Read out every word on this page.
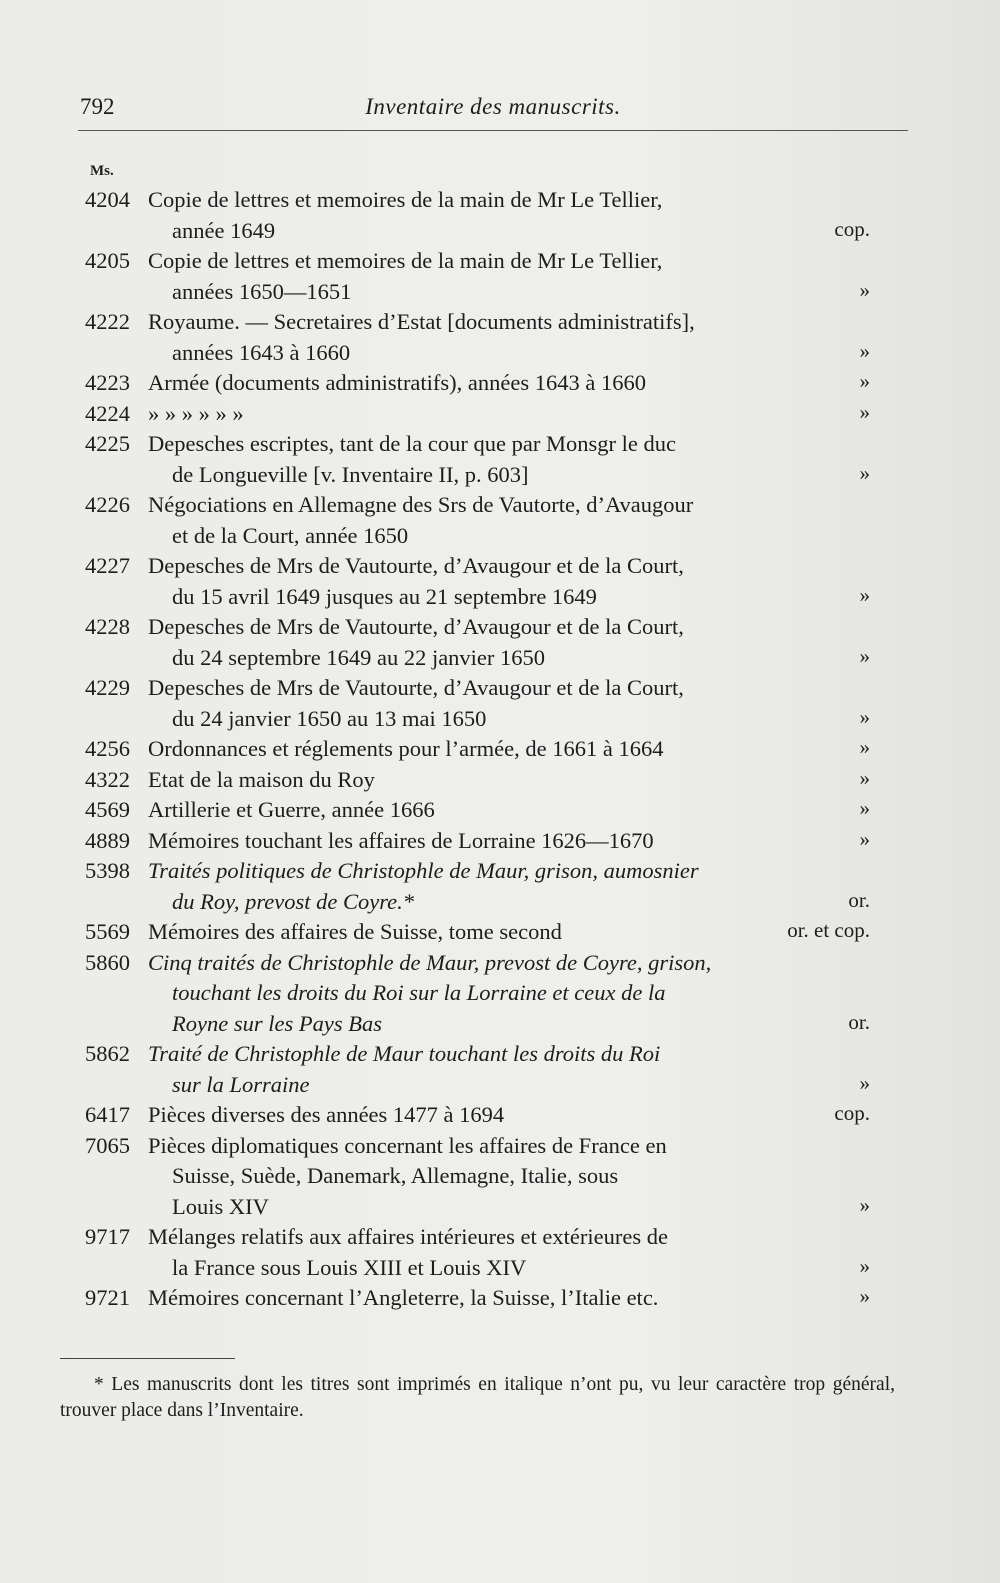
792	Inventaire des manuscrits.
Ms.
4204 Copie de lettres et memoires de la main de Mr Le Tellier,
année 1649	cop.
4205 Copie de lettres et memoires de la main de Mr Le Tellier,
années 1650—1651	»
4222 Royaume. — Secretaires d’Estat [documents administratifs],
années 1643 à 1660	»
4223 Armée (documents administratifs), années 1643 à 1660	»
4224 » » » » » »	»
4225 Depesches escriptes, tant de la cour que par Monsgr le duc
de Longueville [v. Inventaire II, p. 603]	»
4226 Négociations en Allemagne des Srs de Vautorte, d’Avaugour
et de la Court, année 1650
4227 Depesches de Mrs de Vautourte, d’Avaugour et de la Court,
du 15 avril 1649 jusques au 21 septembre 1649	»
4228 Depesches de Mrs de Vautourte, d’Avaugour et de la Court,
du 24 septembre 1649 au 22 janvier 1650	»
4229 Depesches de Mrs de Vautourte, d’Avaugour et de la Court,
du 24 janvier 1650 au 13 mai 1650	»
4256 Ordonnances et réglements pour l’armée, de 1661 à 1664	»
4322 Etat de la maison du Roy	»
4569 Artillerie et Guerre, année 1666	»
4889 Mémoires touchant les affaires de Lorraine 1626—1670	»
5398 Traités politiques de Christophle de Maur, grison, aumosnier
du Roy, prevost de Coyre.*	or.
5569 Mémoires des affaires de Suisse, tome second	or. et cop.
5860 Cinq traités de Christophle de Maur, prevost de Coyre, grison,
touchant les droits du Roi sur la Lorraine et ceux de la
Royne sur les Pays Bas	or.
5862 Traité de Christophle de Maur touchant les droits du Roi
sur la Lorraine	»
6417 Pièces diverses des années 1477 à 1694	cop.
7065 Pièces diplomatiques concernant les affaires de France en
Suisse, Suède, Danemark, Allemagne, Italie, sous
Louis XIV	»
9717 Mélanges relatifs aux affaires intérieures et extérieures de
la France sous Louis XIII et Louis XIV	»
9721 Mémoires concernant l’Angleterre, la Suisse, l’Italie etc.	»
* Les manuscrits dont les titres sont imprimés en italique n’ont pu, vu leur caractère trop général, trouver place dans l’Inventaire.
